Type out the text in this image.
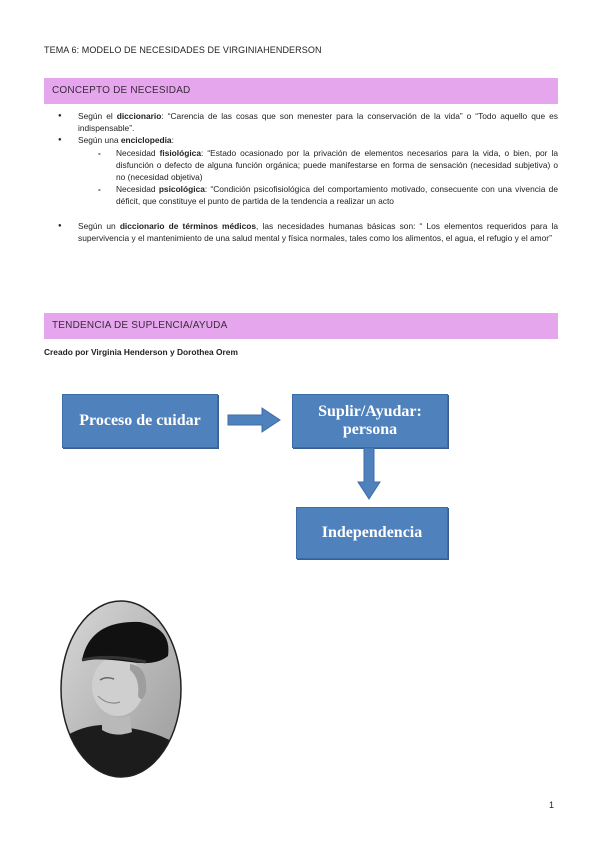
TEMA 6: MODELO DE NECESIDADES DE VIRGINIAHENDERSON
CONCEPTO DE NECESIDAD
● Según el diccionario: “Carencia de las cosas que son menester para la conservación de la vida” o “Todo aquello que es indispensable”.
● Según una enciclopedia:
- Necesidad fisiológica: “Estado ocasionado por la privación de elementos necesarios para la vida, o bien, por la disfunción o defecto de alguna función orgánica; puede manifestarse en forma de sensación (necesidad subjetiva) o no (necesidad objetiva)
- Necesidad psicológica: “Condición psicofisiológica del comportamiento motivado, consecuente con una vivencia de déficit, que constituye el punto de partida de la tendencia a realizar un acto
● Según un diccionario de términos médicos, las necesidades humanas básicas son: “ Los elementos requeridos para la supervivencia y el mantenimiento de una salud mental y física normales, tales como los alimentos, el agua, el refugio y el amor”
TENDENCIA DE SUPLENCIA/AYUDA
Creado por Virginia Henderson y Dorothea Orem
Proceso de cuidar
Suplir/Ayudar:
persona
Independencia
1
